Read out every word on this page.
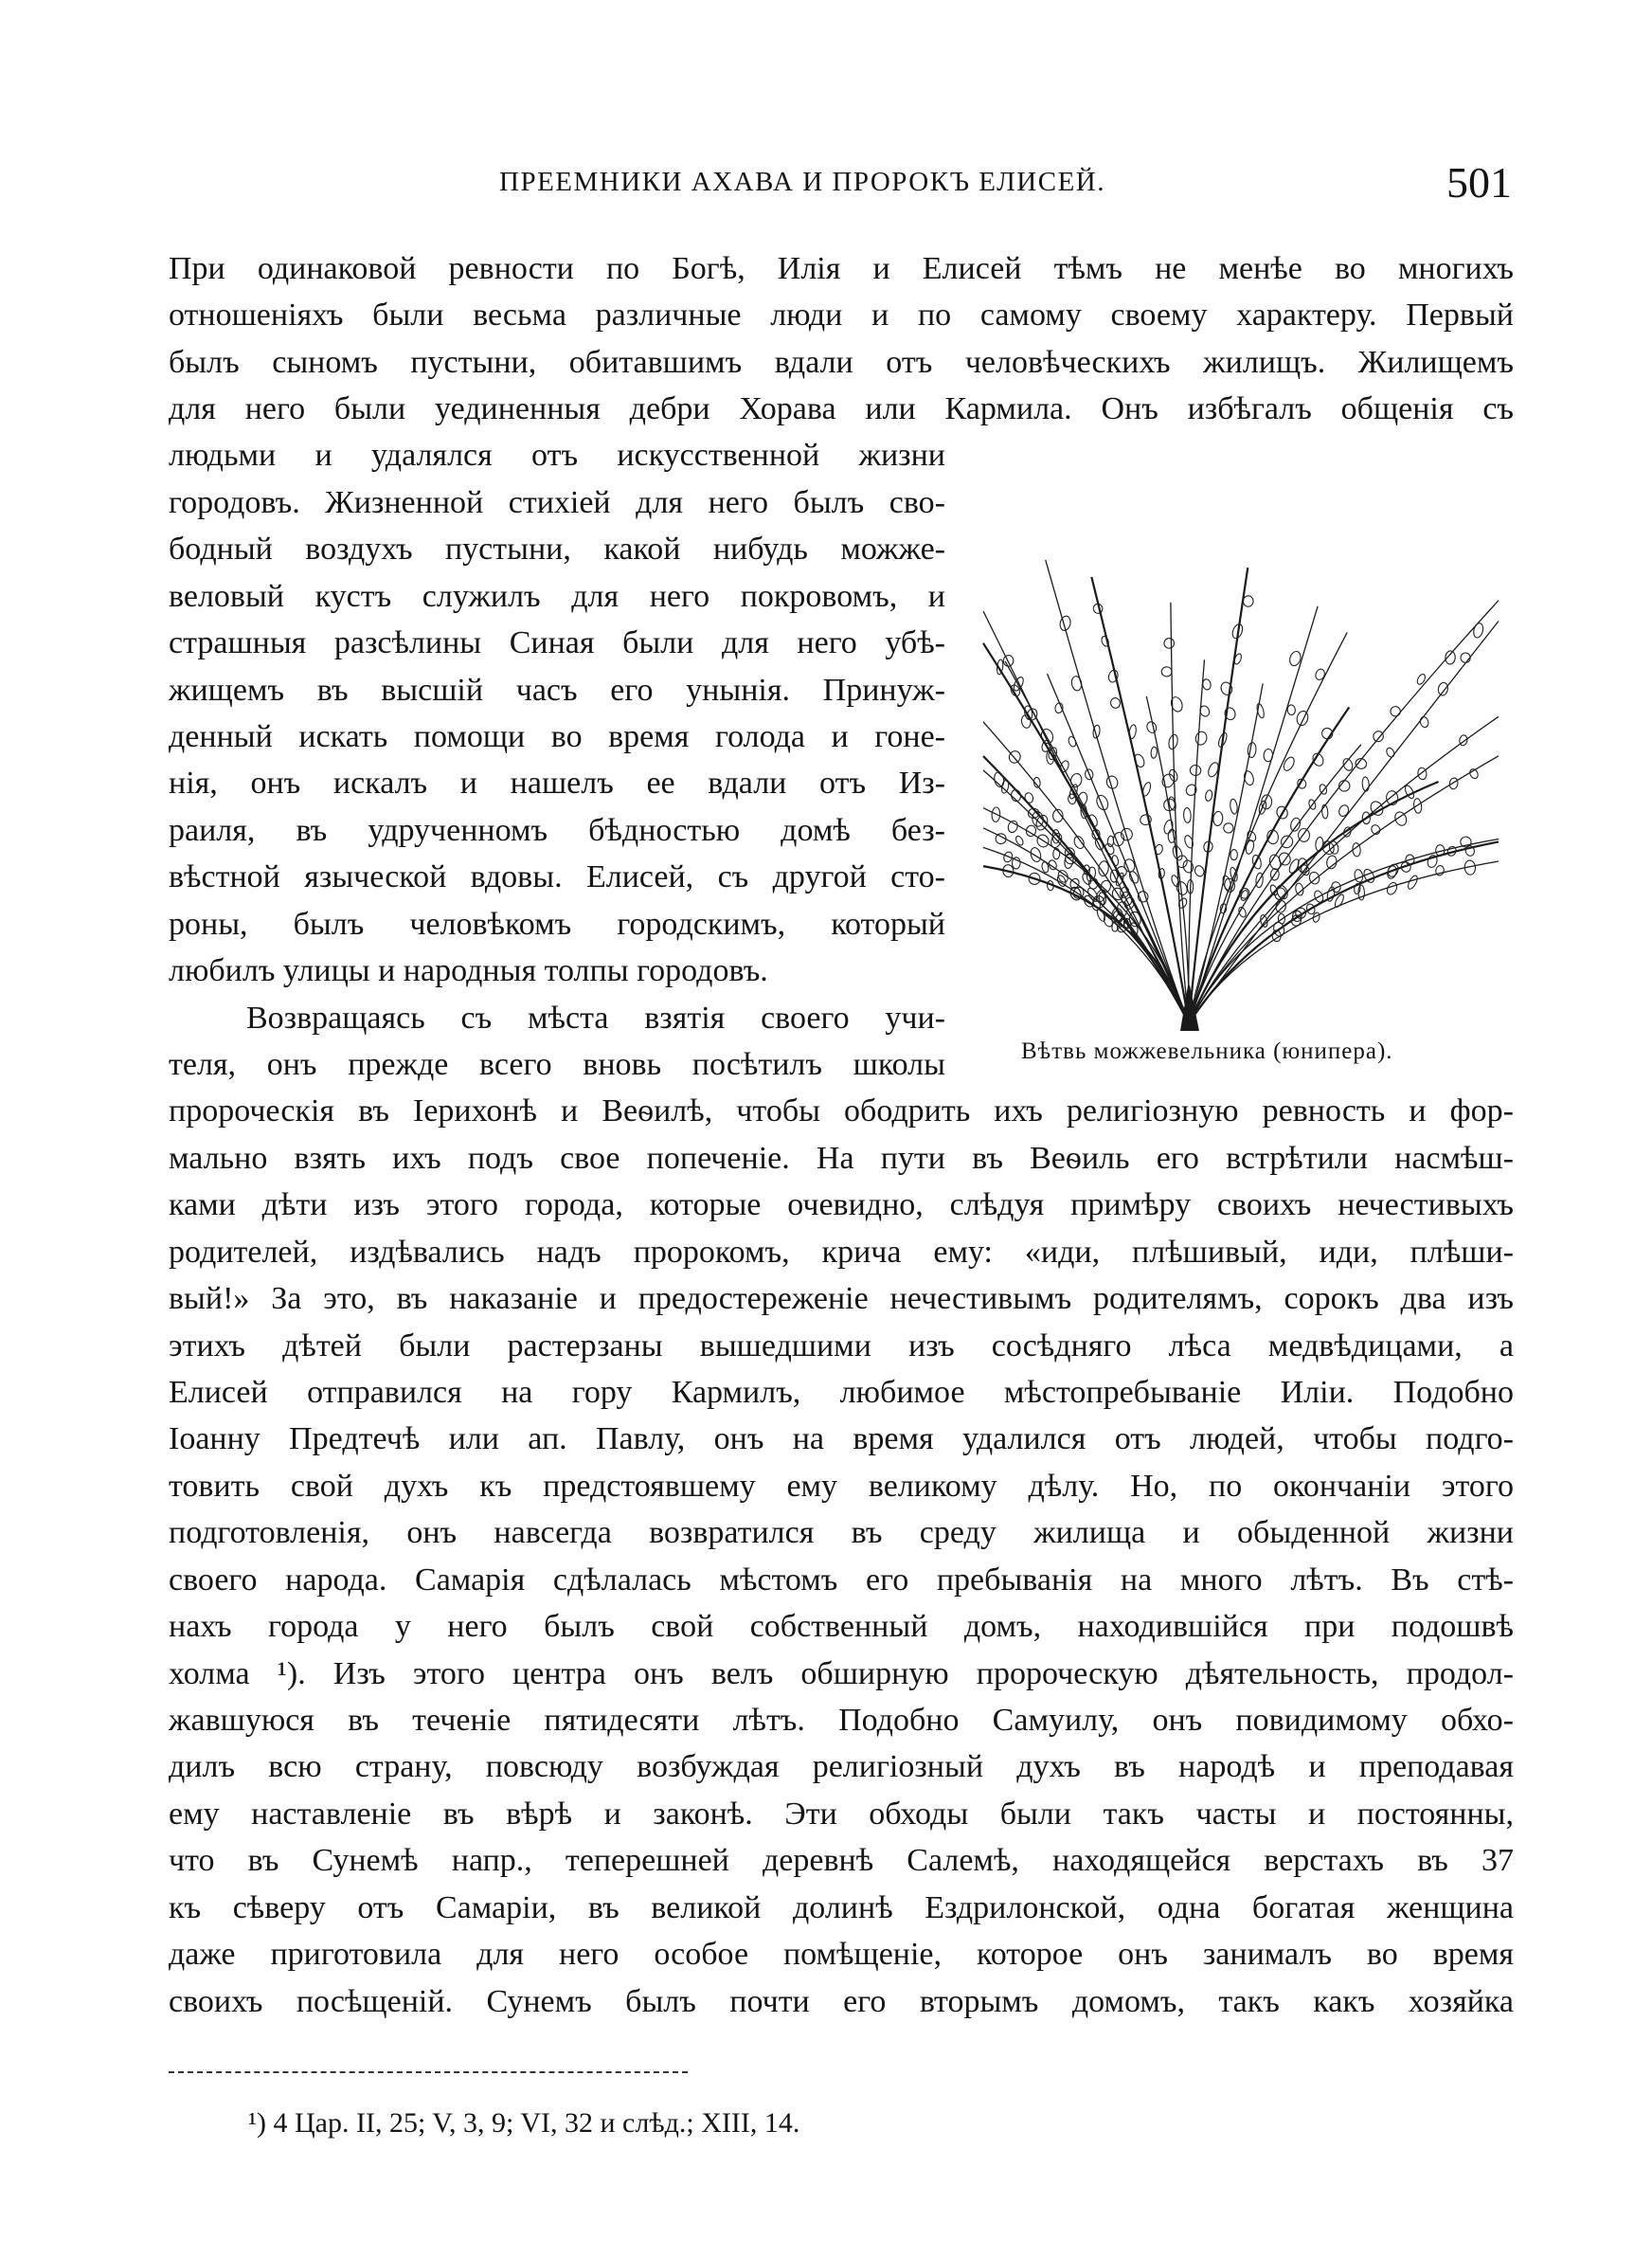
ПРЕЕМНИКИ АХАВА И ПРОРОКЪ ЕЛИСЕЙ.	501
При одинаковой ревности по Богѣ, Илія и Елисей тѣмъ не менѣе во многихъ
отношеніяхъ были весьма различные люди и по самому своему характеру. Первый
былъ сыномъ пустыни, обитавшимъ вдали отъ человѣческихъ жилищъ. Жилищемъ
для него были уединенныя дебри Хорава или Кармила. Онъ избѣгалъ общенія съ
людьми и удалялся отъ искусственной жизни
городовъ. Жизненной стихіей для него былъ сво-
бодный воздухъ пустыни, какой нибудь можже-
веловый кустъ служилъ для него покровомъ, и
страшныя разсѣлины Синая были для него убѣ-
жищемъ въ высшій часъ его унынія. Принуж-
денный искать помощи во время голода и гоне-
нія, онъ искалъ и нашелъ ее вдали отъ Из-
раиля, въ удрученномъ бѣдностью домѣ без-
вѣстной языческой вдовы. Елисей, съ другой сто-
роны, былъ человѣкомъ городскимъ, который
любилъ улицы и народныя толпы городовъ.
Возвращаясь съ мѣста взятія своего учи-
теля, онъ прежде всего вновь посѣтилъ школы
пророческія въ Іерихонѣ и Веѳилѣ, чтобы ободрить ихъ религіозную ревность и фор-
мально взять ихъ подъ свое попеченіе. На пути въ Веѳиль его встрѣтили насмѣш-
ками дѣти изъ этого города, которые очевидно, слѣдуя примѣру своихъ нечестивыхъ
родителей, издѣвались надъ пророкомъ, крича ему: «иди, плѣшивый, иди, плѣши-
вый!» За это, въ наказаніе и предостереженіе нечестивымъ родителямъ, сорокъ два изъ
этихъ дѣтей были растерзаны вышедшими изъ сосѣдняго лѣса медвѣдицами, а
Елисей отправился на гору Кармилъ, любимое мѣстопребываніе Иліи. Подобно
Іоанну Предтечѣ или ап. Павлу, онъ на время удалился отъ людей, чтобы подго-
товить свой духъ къ предстоявшему ему великому дѣлу. Но, по окончаніи этого
подготовленія, онъ навсегда возвратился въ среду жилища и обыденной жизни
своего народа. Самарія сдѣлалась мѣстомъ его пребыванія на много лѣтъ. Въ стѣ-
нахъ города у него былъ свой собственный домъ, находившійся при подошвѣ
холма ¹). Изъ этого центра онъ велъ обширную пророческую дѣятельность, продол-
жавшуюся въ теченіе пятидесяти лѣтъ. Подобно Самуилу, онъ повидимому обхо-
дилъ всю страну, повсюду возбуждая религіозный духъ въ народѣ и преподавая
ему наставленіе въ вѣрѣ и законѣ. Эти обходы были такъ часты и постоянны,
что въ Сунемѣ напр., теперешней деревнѣ Салемѣ, находящейся верстахъ въ 37
къ сѣверу отъ Самаріи, въ великой долинѣ Ездрилонской, одна богатая женщина
даже приготовила для него особое помѣщеніе, которое онъ занималъ во время
своихъ посѣщеній. Сунемъ былъ почти его вторымъ домомъ, такъ какъ хозяйка
Вѣтвь можжевельника (юнипера).
¹) 4 Цар. II, 25; V, 3, 9; VI, 32 и слѣд.; XIII, 14.
